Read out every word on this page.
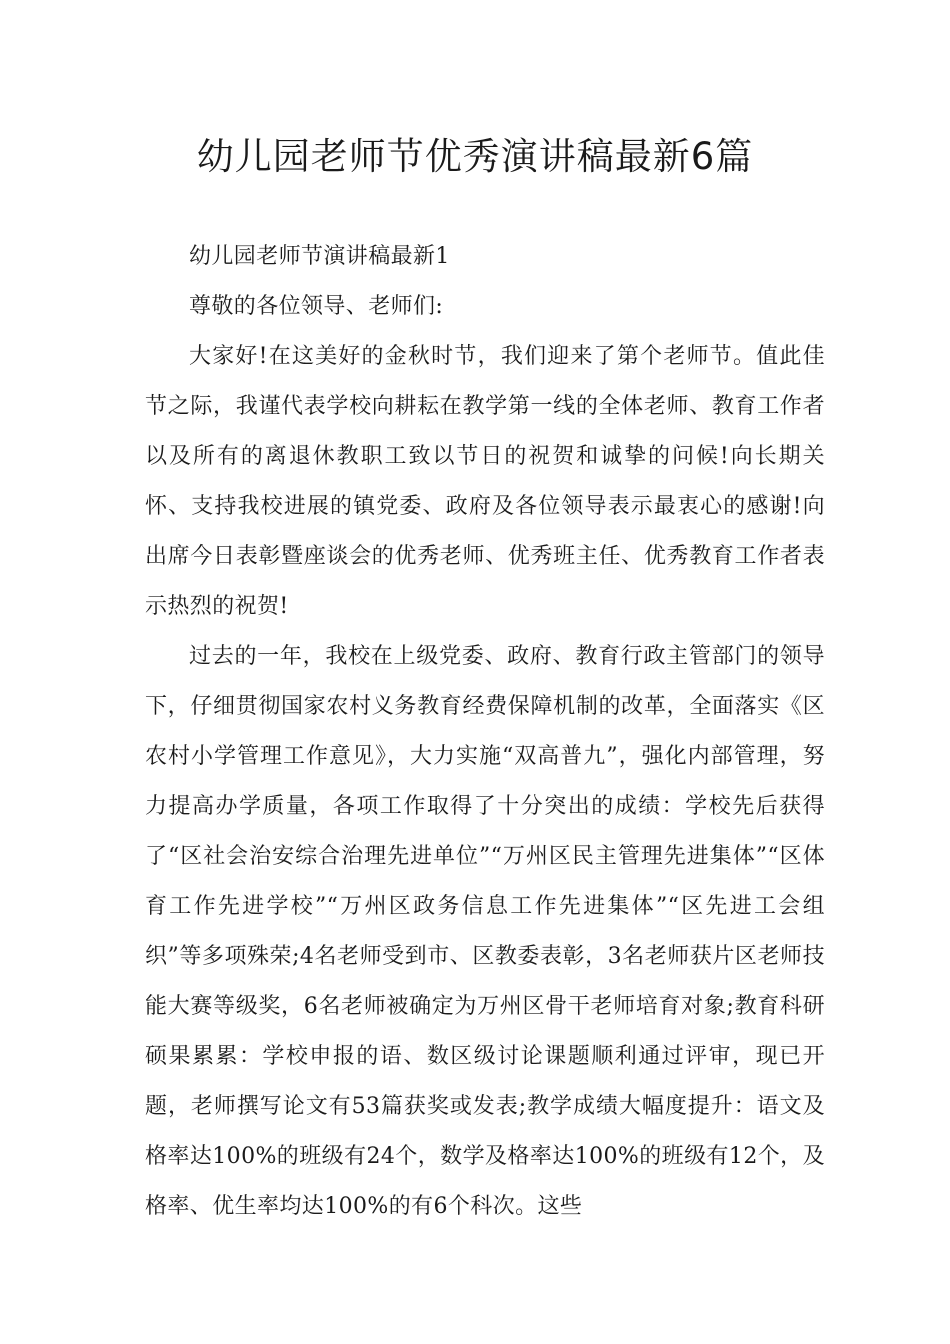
幼儿园老师节优秀演讲稿最新6篇

幼儿园老师节演讲稿最新1

尊敬的各位领导、老师们:

大家好!在这美好的金秋时节，我们迎来了第个老师节。值此佳节之际，我谨代表学校向耕耘在教学第一线的全体老师、教育工作者以及所有的离退休教职工致以节日的祝贺和诚挚的问候!向长期关怀、支持我校进展的镇党委、政府及各位领导表示最衷心的感谢!向出席今日表彰暨座谈会的优秀老师、优秀班主任、优秀教育工作者表示热烈的祝贺!

过去的一年，我校在上级党委、政府、教育行政主管部门的领导下，仔细贯彻国家农村义务教育经费保障机制的改革，全面落实《区农村小学管理工作意见》，大力实施“双高普九”，强化内部管理，努力提高办学质量，各项工作取得了十分突出的成绩：学校先后获得了“区社会治安综合治理先进单位”“万州区民主管理先进集体”“区体育工作先进学校”“万州区政务信息工作先进集体”“区先进工会组织”等多项殊荣;4名老师受到市、区教委表彰，3名老师获片区老师技能大赛等级奖，6名老师被确定为万州区骨干老师培育对象;教育科研硕果累累：学校申报的语、数区级讨论课题顺利通过评审，现已开题，老师撰写论文有53篇获奖或发表;教学成绩大幅度提升：语文及格率达100%的班级有24个，数学及格率达100%的班级有12个，及格率、优生率均达100%的有6个科次。这些
